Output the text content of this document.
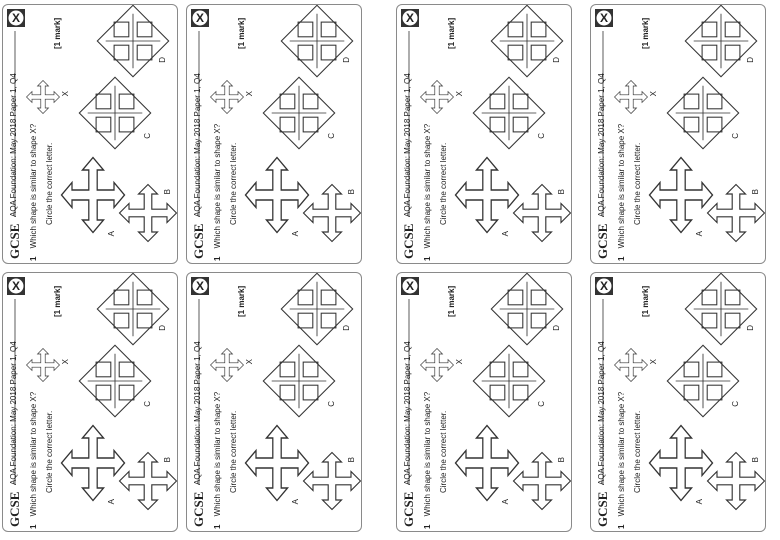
X
GCSE
AQA Foundation: May 2018 Paper 1, Q4
1 Which shape is similar to shape X? Circle the correct letter.
[1 mark]
X
A
B
C
D
X
GCSE
AQA Foundation: May 2018 Paper 1, Q4
1 Which shape is similar to shape X? Circle the correct letter.
[1 mark]
X
A
B
C
D
X
GCSE
AQA Foundation: May 2018 Paper 1, Q4
1 Which shape is similar to shape X? Circle the correct letter.
[1 mark]
X
A
B
C
D
X
GCSE
AQA Foundation: May 2018 Paper 1, Q4
1 Which shape is similar to shape X? Circle the correct letter.
[1 mark]
X
A
B
C
D
X
GCSE
AQA Foundation: May 2018 Paper 1, Q4
1 Which shape is similar to shape X? Circle the correct letter.
[1 mark]
X
A
B
C
D
X
GCSE
AQA Foundation: May 2018 Paper 1, Q4
1 Which shape is similar to shape X? Circle the correct letter.
[1 mark]
X
A
B
C
D
X
GCSE
AQA Foundation: May 2018 Paper 1, Q4
1 Which shape is similar to shape X? Circle the correct letter.
[1 mark]
X
A
B
C
D
X
GCSE
AQA Foundation: May 2018 Paper 1, Q4
1 Which shape is similar to shape X? Circle the correct letter.
[1 mark]
X
A
B
C
D
